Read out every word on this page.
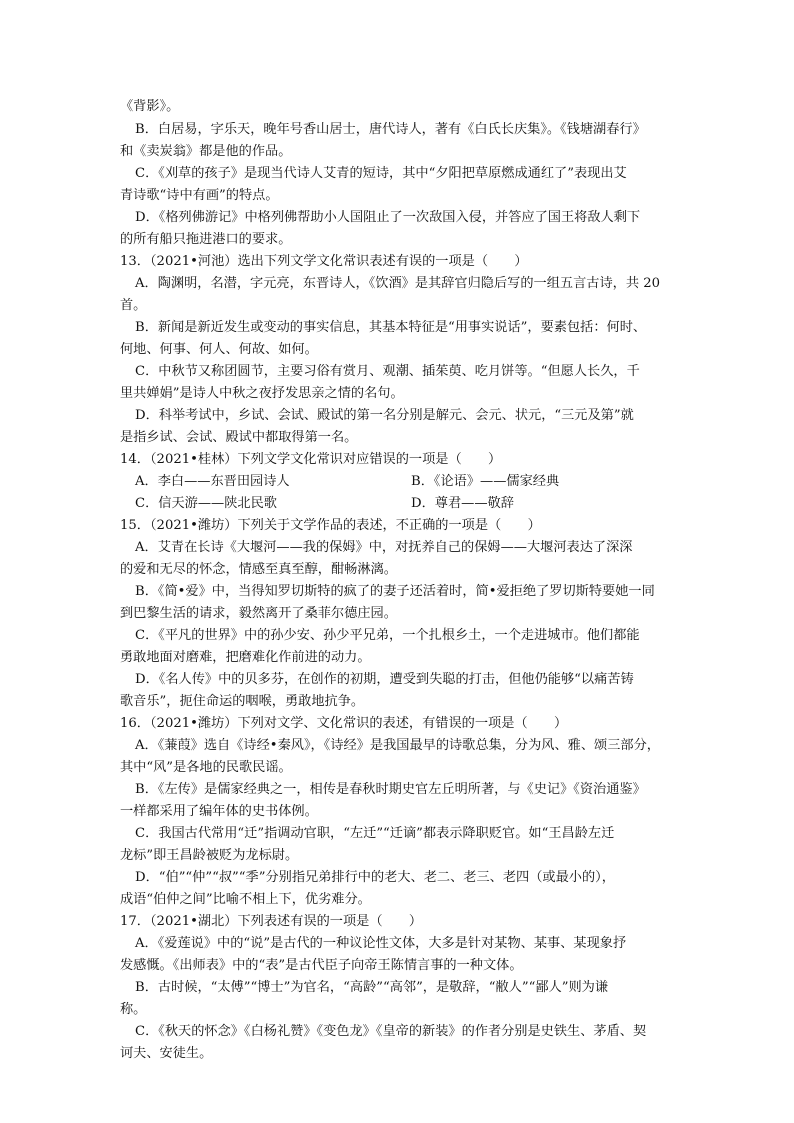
《背影》。
B．白居易，字乐天，晚年号香山居士，唐代诗人，著有《白氏长庆集》。《钱塘湖春行》
和《卖炭翁》都是他的作品。
C．《刈草的孩子》是现当代诗人艾青的短诗，其中“夕阳把草原燃成通红了”表现出艾
青诗歌“诗中有画”的特点。
D．《格列佛游记》中格列佛帮助小人国阻止了一次敌国入侵，并答应了国王将敌人剩下
的所有船只拖进港口的要求。
13．（2021•河池）选出下列文学文化常识表述有误的一项是（　　）
A．陶渊明，名潜，字元亮，东晋诗人，《饮酒》是其辞官归隐后写的一组五言古诗，共 20
首。
B．新闻是新近发生或变动的事实信息，其基本特征是“用事实说话”，要素包括：何时、
何地、何事、何人、何故、如何。
C．中秋节又称团圆节，主要习俗有赏月、观潮、插茱萸、吃月饼等。“但愿人长久，千
里共婵娟”是诗人中秋之夜抒发思亲之情的名句。
D．科举考试中，乡试、会试、殿试的第一名分别是解元、会元、状元，“三元及第”就
是指乡试、会试、殿试中都取得第一名。
14．（2021•桂林）下列文学文化常识对应错误的一项是（　　）
A．李白——东晋田园诗人	B．《论语》——儒家经典
C．信天游——陕北民歌	D．尊君——敬辞
15．（2021•潍坊）下列关于文学作品的表述，不正确的一项是（　　）
A．艾青在长诗《大堰河——我的保姆》中，对抚养自己的保姆——大堰河表达了深深
的爱和无尽的怀念，情感至真至醇，酣畅淋漓。
B．《简•爱》中，当得知罗切斯特的疯了的妻子还活着时，简•爱拒绝了罗切斯特要她一同
到巴黎生活的请求，毅然离开了桑菲尔德庄园。
C．《平凡的世界》中的孙少安、孙少平兄弟，一个扎根乡土，一个走进城市。他们都能
勇敢地面对磨难，把磨难化作前进的动力。
D．《名人传》中的贝多芬，在创作的初期，遭受到失聪的打击，但他仍能够“以痛苦铸
歌音乐”，扼住命运的咽喉，勇敢地抗争。
16．（2021•潍坊）下列对文学、文化常识的表述，有错误的一项是（　　）
A．《蒹葭》选自《诗经•秦风》，《诗经》是我国最早的诗歌总集，分为风、雅、颂三部分，
其中“风”是各地的民歌民谣。
B．《左传》是儒家经典之一，相传是春秋时期史官左丘明所著，与《史记》《资治通鉴》
一样都采用了编年体的史书体例。
C．我国古代常用“迁”指调动官职，“左迁”“迁谪”都表示降职贬官。如“王昌龄左迁
龙标”即王昌龄被贬为龙标尉。
D．“伯”“仲”“叔”“季”分别指兄弟排行中的老大、老二、老三、老四（或最小的），
成语“伯仲之间”比喻不相上下，优劣难分。
17．（2021•湖北）下列表述有误的一项是（　　）
A．《爱莲说》中的“说”是古代的一种议论性文体，大多是针对某物、某事、某现象抒
发感慨。《出师表》中的“表”是古代臣子向帝王陈情言事的一种文体。
B．古时候，“太傅”“博士”为官名，“高龄”“高邻”，是敬辞，“敝人”“鄙人”则为谦
称。
C．《秋天的怀念》《白杨礼赞》《变色龙》《皇帝的新装》的作者分别是史铁生、茅盾、契
诃夫、安徒生。
